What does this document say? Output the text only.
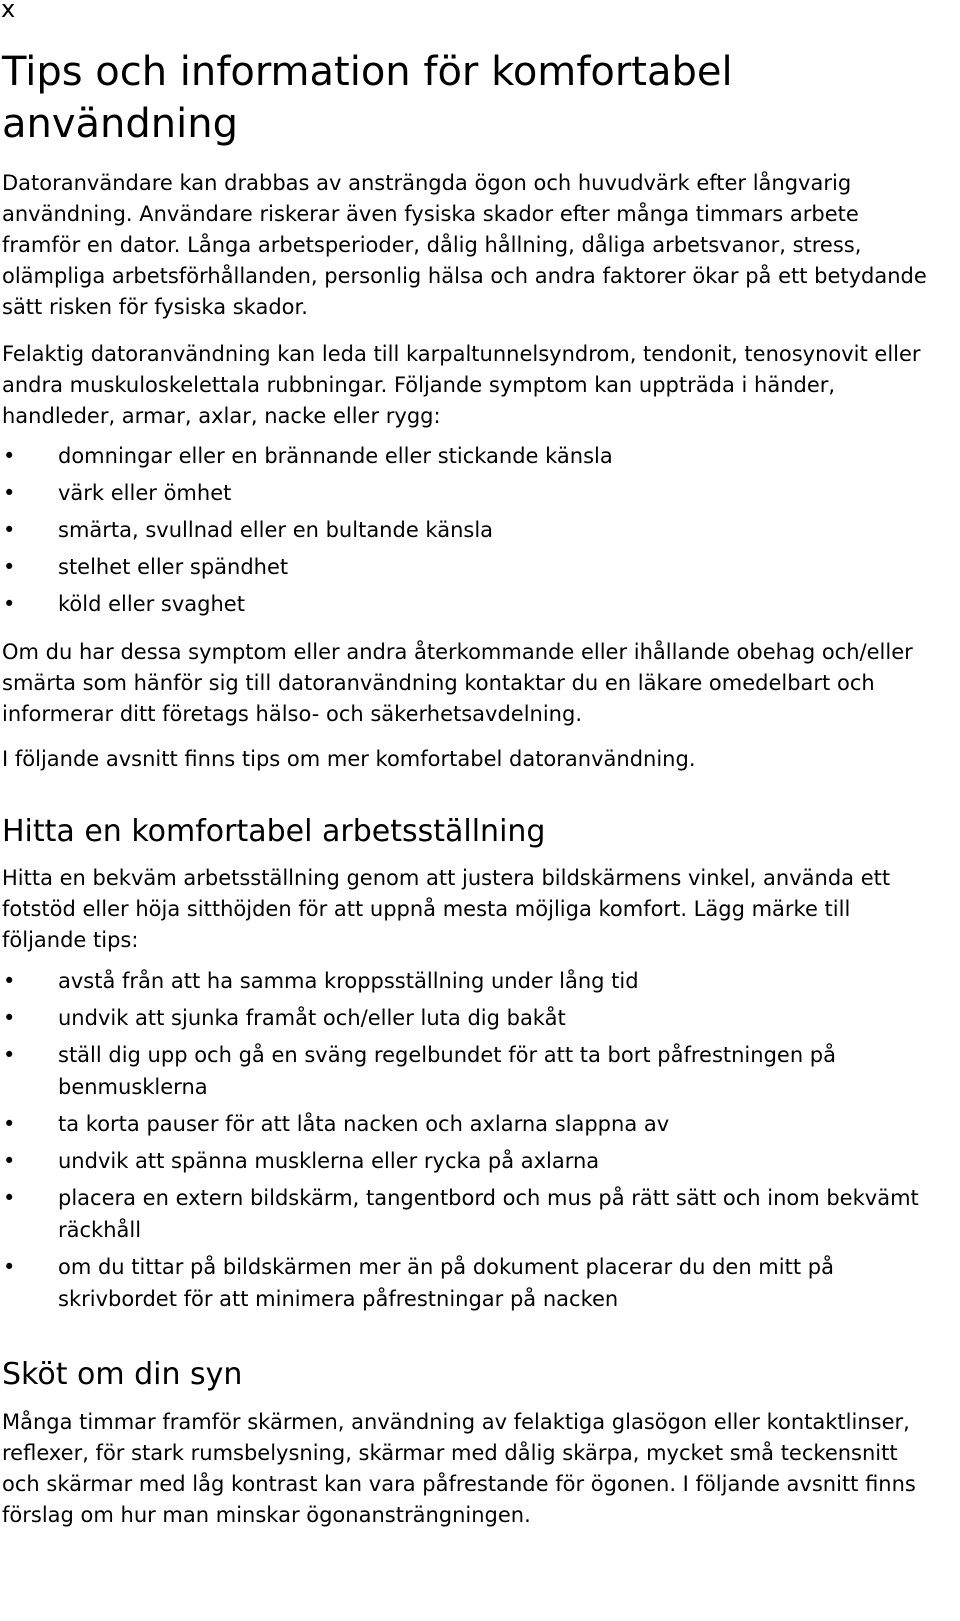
x
Tips och information för komfortabel användning

Datoranvändare kan drabbas av ansträngda ögon och huvudvärk efter långvarig användning. Användare riskerar även fysiska skador efter många timmars arbete framför en dator. Långa arbetsperioder, dålig hållning, dåliga arbetsvanor, stress, olämpliga arbetsförhållanden, personlig hälsa och andra faktorer ökar på ett betydande sätt risken för fysiska skador.

Felaktig datoranvändning kan leda till karpaltunnelsyndrom, tendonit, tenosynovit eller andra muskuloskelettala rubbningar. Följande symptom kan uppträda i händer, handleder, armar, axlar, nacke eller rygg:

• domningar eller en brännande eller stickande känsla
• värk eller ömhet
• smärta, svullnad eller en bultande känsla
• stelhet eller spändhet
• köld eller svaghet

Om du har dessa symptom eller andra återkommande eller ihållande obehag och/eller smärta som hänför sig till datoranvändning kontaktar du en läkare omedelbart och informerar ditt företags hälso- och säkerhetsavdelning.

I följande avsnitt finns tips om mer komfortabel datoranvändning.

Hitta en komfortabel arbetsställning

Hitta en bekväm arbetsställning genom att justera bildskärmens vinkel, använda ett fotstöd eller höja sitthöjden för att uppnå mesta möjliga komfort. Lägg märke till följande tips:

• avstå från att ha samma kroppsställning under lång tid
• undvik att sjunka framåt och/eller luta dig bakåt
• ställ dig upp och gå en sväng regelbundet för att ta bort påfrestningen på benmusklerna
• ta korta pauser för att låta nacken och axlarna slappna av
• undvik att spänna musklerna eller rycka på axlarna
• placera en extern bildskärm, tangentbord och mus på rätt sätt och inom bekvämt räckhåll
• om du tittar på bildskärmen mer än på dokument placerar du den mitt på skrivbordet för att minimera påfrestningar på nacken
Sköt om din syn

Många timmar framför skärmen, användning av felaktiga glasögon eller kontaktlinser, reflexer, för stark rumsbelysning, skärmar med dålig skärpa, mycket små teckensnitt och skärmar med låg kontrast kan vara påfrestande för ögonen. I följande avsnitt finns förslag om hur man minskar ögonansträngningen.
